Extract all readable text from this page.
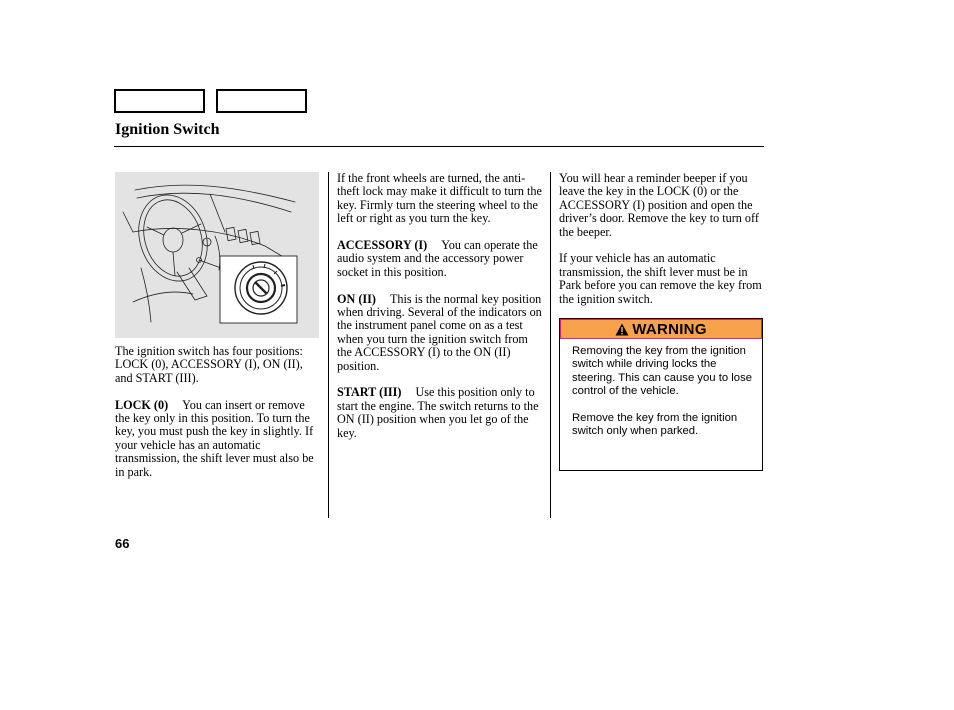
Ignition Switch

The ignition switch has four positions: LOCK (0), ACCESSORY (I), ON (II), and START (III).

LOCK (0) You can insert or remove the key only in this position. To turn the key, you must push the key in slightly. If your vehicle has an automatic transmission, the shift lever must also be in park.

If the front wheels are turned, the anti-theft lock may make it difficult to turn the key. Firmly turn the steering wheel to the left or right as you turn the key.

ACCESSORY (I) You can operate the audio system and the accessory power socket in this position.

ON (II) This is the normal key position when driving. Several of the indicators on the instrument panel come on as a test when you turn the ignition switch from the ACCESSORY (I) to the ON (II) position.

START (III) Use this position only to start the engine. The switch returns to the ON (II) position when you let go of the key.

You will hear a reminder beeper if you leave the key in the LOCK (0) or the ACCESSORY (I) position and open the driver’s door. Remove the key to turn off the beeper.

If your vehicle has an automatic transmission, the shift lever must be in Park before you can remove the key from the ignition switch.

WARNING

Removing the key from the ignition switch while driving locks the steering. This can cause you to lose control of the vehicle.

Remove the key from the ignition switch only when parked.

66
